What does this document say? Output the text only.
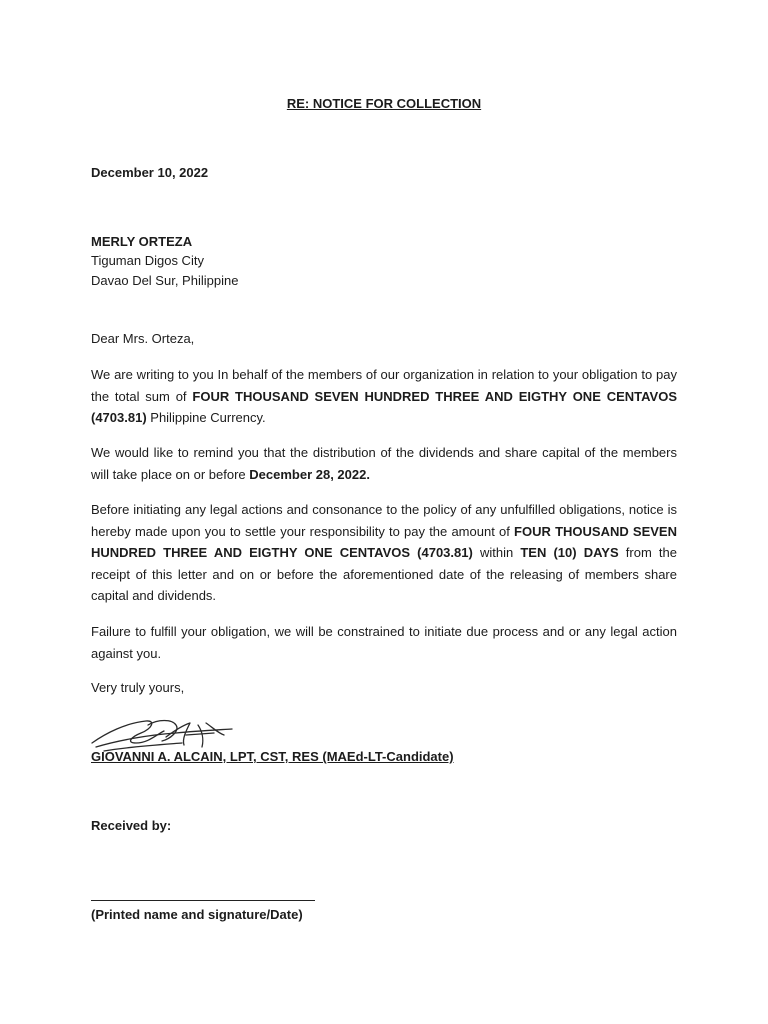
RE: NOTICE FOR COLLECTION

December 10, 2022

MERLY ORTEZA

Tiguman Digos City

Davao Del Sur, Philippine

Dear Mrs. Orteza,

We are writing to you In behalf of the members of our organization in relation to your obligation to pay the total sum of FOUR THOUSAND SEVEN HUNDRED THREE AND EIGTHY ONE CENTAVOS (4703.81) Philippine Currency.

We would like to remind you that the distribution of the dividends and share capital of the members will take place on or before December 28, 2022.

Before initiating any legal actions and consonance to the policy of any unfulfilled obligations, notice is hereby made upon you to settle your responsibility to pay the amount of FOUR THOUSAND SEVEN HUNDRED THREE AND EIGTHY ONE CENTAVOS (4703.81) within TEN (10) DAYS from the receipt of this letter and on or before the aforementioned date of the releasing of members share capital and dividends.

Failure to fulfill your obligation, we will be constrained to initiate due process and or any legal action against you.

Very truly yours,

GIOVANNI A. ALCAIN, LPT, CST, RES (MAEd-LT-Candidate)

Received by:

(Printed name and signature/Date)
